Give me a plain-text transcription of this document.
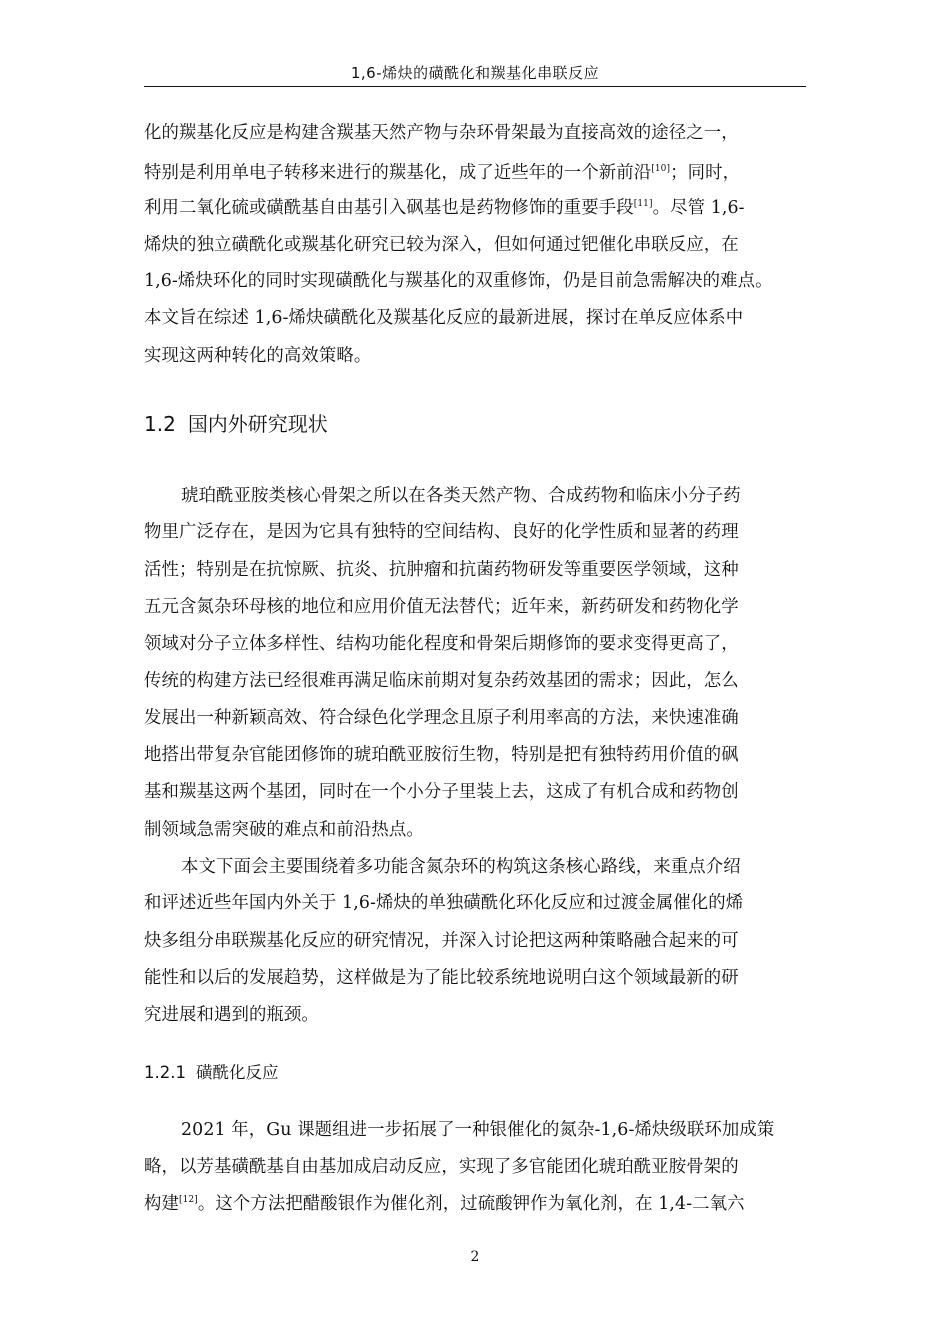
1,6-烯炔的磺酰化和羰基化串联反应
化的羰基化反应是构建含羰基天然产物与杂环骨架最为直接高效的途径之一，
特别是利用单电子转移来进行的羰基化，成了近些年的一个新前沿[10]；同时，
利用二氧化硫或磺酰基自由基引入砜基也是药物修饰的重要手段[11]。尽管 1,6-
烯炔的独立磺酰化或羰基化研究已较为深入，但如何通过钯催化串联反应，在
1,6-烯炔环化的同时实现磺酰化与羰基化的双重修饰，仍是目前急需解决的难点。
本文旨在综述 1,6-烯炔磺酰化及羰基化反应的最新进展，探讨在单反应体系中
实现这两种转化的高效策略。
1.2 国内外研究现状
琥珀酰亚胺类核心骨架之所以在各类天然产物、合成药物和临床小分子药
物里广泛存在，是因为它具有独特的空间结构、良好的化学性质和显著的药理
活性；特别是在抗惊厥、抗炎、抗肿瘤和抗菌药物研发等重要医学领域，这种
五元含氮杂环母核的地位和应用价值无法替代；近年来，新药研发和药物化学
领域对分子立体多样性、结构功能化程度和骨架后期修饰的要求变得更高了，
传统的构建方法已经很难再满足临床前期对复杂药效基团的需求；因此，怎么
发展出一种新颖高效、符合绿色化学理念且原子利用率高的方法，来快速准确
地搭出带复杂官能团修饰的琥珀酰亚胺衍生物，特别是把有独特药用价值的砜
基和羰基这两个基团，同时在一个小分子里装上去，这成了有机合成和药物创
制领域急需突破的难点和前沿热点。
本文下面会主要围绕着多功能含氮杂环的构筑这条核心路线，来重点介绍
和评述近些年国内外关于 1,6-烯炔的单独磺酰化环化反应和过渡金属催化的烯
炔多组分串联羰基化反应的研究情况，并深入讨论把这两种策略融合起来的可
能性和以后的发展趋势，这样做是为了能比较系统地说明白这个领域最新的研
究进展和遇到的瓶颈。
1.2.1 磺酰化反应
2021 年，Gu 课题组进一步拓展了一种银催化的氮杂-1,6-烯炔级联环加成策
略，以芳基磺酰基自由基加成启动反应，实现了多官能团化琥珀酰亚胺骨架的
构建[12]。这个方法把醋酸银作为催化剂，过硫酸钾作为氧化剂，在 1,4-二氧六
2
